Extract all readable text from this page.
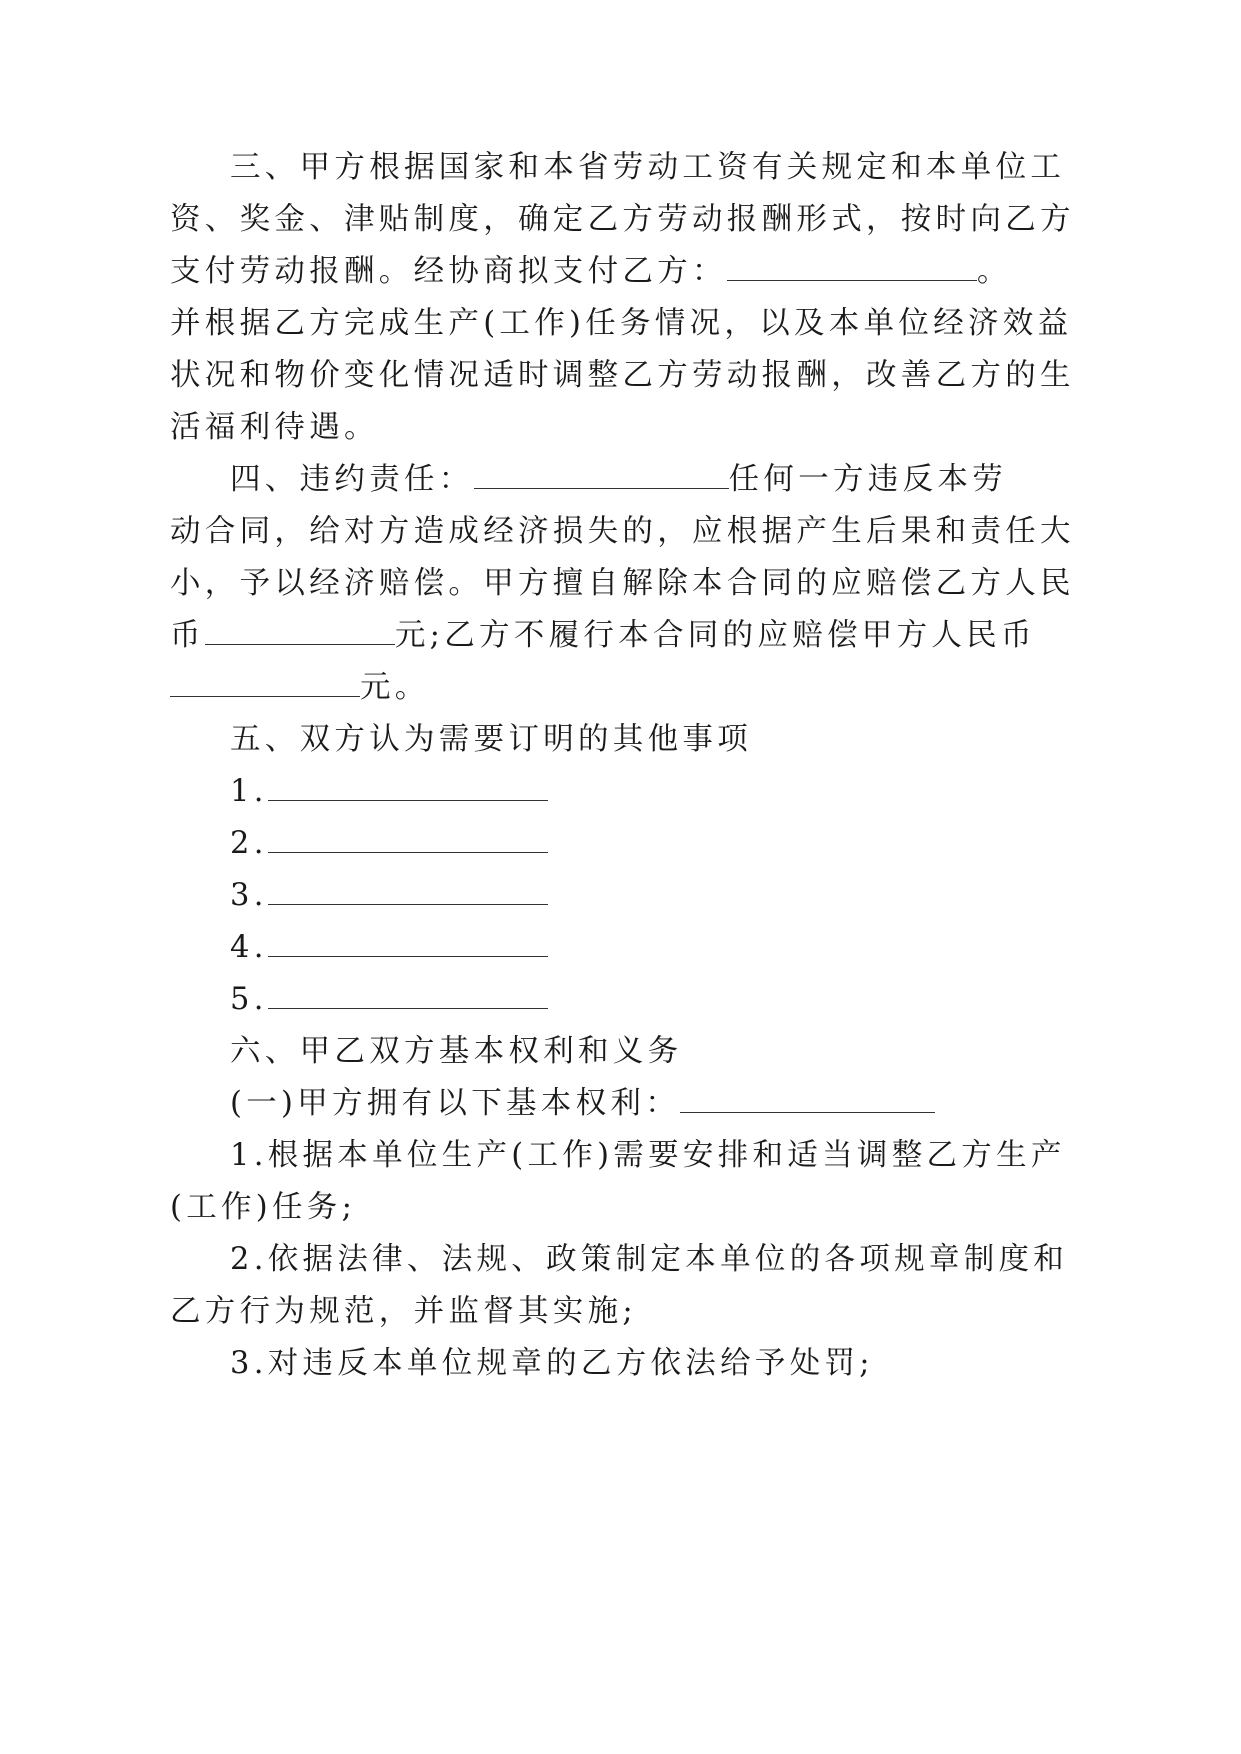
三、甲方根据国家和本省劳动工资有关规定和本单位工
资、奖金、津贴制度，确定乙方劳动报酬形式，按时向乙方
支付劳动报酬。经协商拟支付乙方：	。
并根据乙方完成生产(工作)任务情况，以及本单位经济效益
状况和物价变化情况适时调整乙方劳动报酬，改善乙方的生
活福利待遇。
四、违约责任：	任何一方违反本劳
动合同，给对方造成经济损失的，应根据产生后果和责任大
小，予以经济赔偿。甲方擅自解除本合同的应赔偿乙方人民
币	元;乙方不履行本合同的应赔偿甲方人民币
元。
五、双方认为需要订明的其他事项
1.
2.
3.
4.
5.
六、甲乙双方基本权利和义务
(一)甲方拥有以下基本权利：
1.根据本单位生产(工作)需要安排和适当调整乙方生产
(工作)任务;
2.依据法律、法规、政策制定本单位的各项规章制度和
乙方行为规范，并监督其实施;
3.对违反本单位规章的乙方依法给予处罚;
